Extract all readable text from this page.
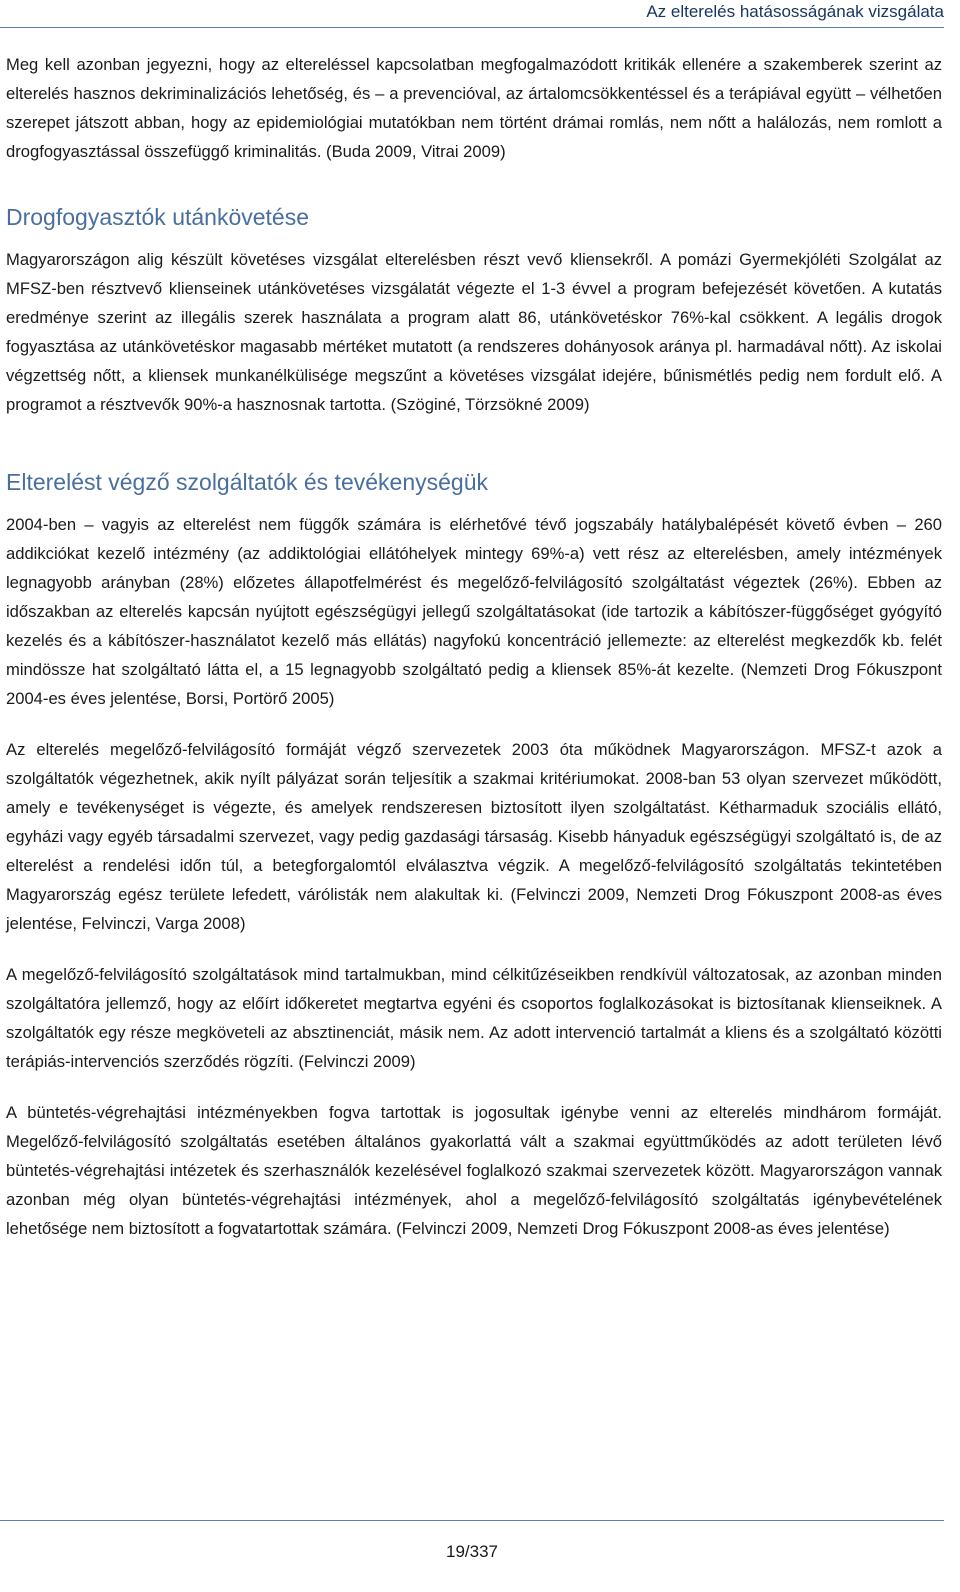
Az elterelés hatásosságának vizsgálata

Meg kell azonban jegyezni, hogy az eltereléssel kapcsolatban megfogalmazódott kritikák ellenére a szakemberek szerint az elterelés hasznos dekriminalizációs lehetőség, és – a prevencióval, az ártalomcsökkentéssel és a terápiával együtt – vélhetően szerepet játszott abban, hogy az epidemiológiai mutatókban nem történt drámai romlás, nem nőtt a halálozás, nem romlott a drogfogyasztással összefüggő kriminalitás. (Buda 2009, Vitrai 2009)

Drogfogyasztók utánkövetése

Magyarországon alig készült követéses vizsgálat elterelésben részt vevő kliensekről. A pomázi Gyermekjóléti Szolgálat az MFSZ-ben résztvevő klienseinek utánkövetéses vizsgálatát végezte el 1-3 évvel a program befejezését követően. A kutatás eredménye szerint az illegális szerek használata a program alatt 86, utánkövetéskor 76%-kal csökkent. A legális drogok fogyasztása az utánkövetéskor magasabb mértéket mutatott (a rendszeres dohányosok aránya pl. harmadával nőtt). Az iskolai végzettség nőtt, a kliensek munkanélkülisége megszűnt a követéses vizsgálat idejére, bűnismétlés pedig nem fordult elő. A programot a résztvevők 90%-a hasznosnak tartotta. (Szöginé, Törzsökné 2009)

Elterelést végző szolgáltatók és tevékenységük

2004-ben – vagyis az elterelést nem függők számára is elérhetővé tévő jogszabály hatálybalépését követő évben – 260 addikciókat kezelő intézmény (az addiktológiai ellátóhelyek mintegy 69%-a) vett rész az elterelésben, amely intézmények legnagyobb arányban (28%) előzetes állapotfelmérést és megelőző-felvilágosító szolgáltatást végeztek (26%). Ebben az időszakban az elterelés kapcsán nyújtott egészségügyi jellegű szolgáltatásokat (ide tartozik a kábítószer-függőséget gyógyító kezelés és a kábítószer-használatot kezelő más ellátás) nagyfokú koncentráció jellemezte: az elterelést megkezdők kb. felét mindössze hat szolgáltató látta el, a 15 legnagyobb szolgáltató pedig a kliensek 85%-át kezelte. (Nemzeti Drog Fókuszpont 2004-es éves jelentése, Borsi, Portörő 2005)

Az elterelés megelőző-felvilágosító formáját végző szervezetek 2003 óta működnek Magyarországon. MFSZ-t azok a szolgáltatók végezhetnek, akik nyílt pályázat során teljesítik a szakmai kritériumokat. 2008-ban 53 olyan szervezet működött, amely e tevékenységet is végezte, és amelyek rendszeresen biztosított ilyen szolgáltatást. Kétharmaduk szociális ellátó, egyházi vagy egyéb társadalmi szervezet, vagy pedig gazdasági társaság. Kisebb hányaduk egészségügyi szolgáltató is, de az elterelést a rendelési időn túl, a betegforgalomtól elválasztva végzik. A megelőző-felvilágosító szolgáltatás tekintetében Magyarország egész területe lefedett, várólisták nem alakultak ki. (Felvinczi 2009, Nemzeti Drog Fókuszpont 2008-as éves jelentése, Felvinczi, Varga 2008)

A megelőző-felvilágosító szolgáltatások mind tartalmukban, mind célkitűzéseikben rendkívül változatosak, az azonban minden szolgáltatóra jellemző, hogy az előírt időkeretet megtartva egyéni és csoportos foglalkozásokat is biztosítanak klienseiknek. A szolgáltatók egy része megköveteli az absztinenciát, másik nem. Az adott intervenció tartalmát a kliens és a szolgáltató közötti terápiás-intervenciós szerződés rögzíti. (Felvinczi 2009)

A büntetés-végrehajtási intézményekben fogva tartottak is jogosultak igénybe venni az elterelés mindhárom formáját. Megelőző-felvilágosító szolgáltatás esetében általános gyakorlattá vált a szakmai együttműködés az adott területen lévő büntetés-végrehajtási intézetek és szerhasználók kezelésével foglalkozó szakmai szervezetek között. Magyarországon vannak azonban még olyan büntetés-végrehajtási intézmények, ahol a megelőző-felvilágosító szolgáltatás igénybevételének lehetősége nem biztosított a fogvatartottak számára. (Felvinczi 2009, Nemzeti Drog Fókuszpont 2008-as éves jelentése)

19/337
